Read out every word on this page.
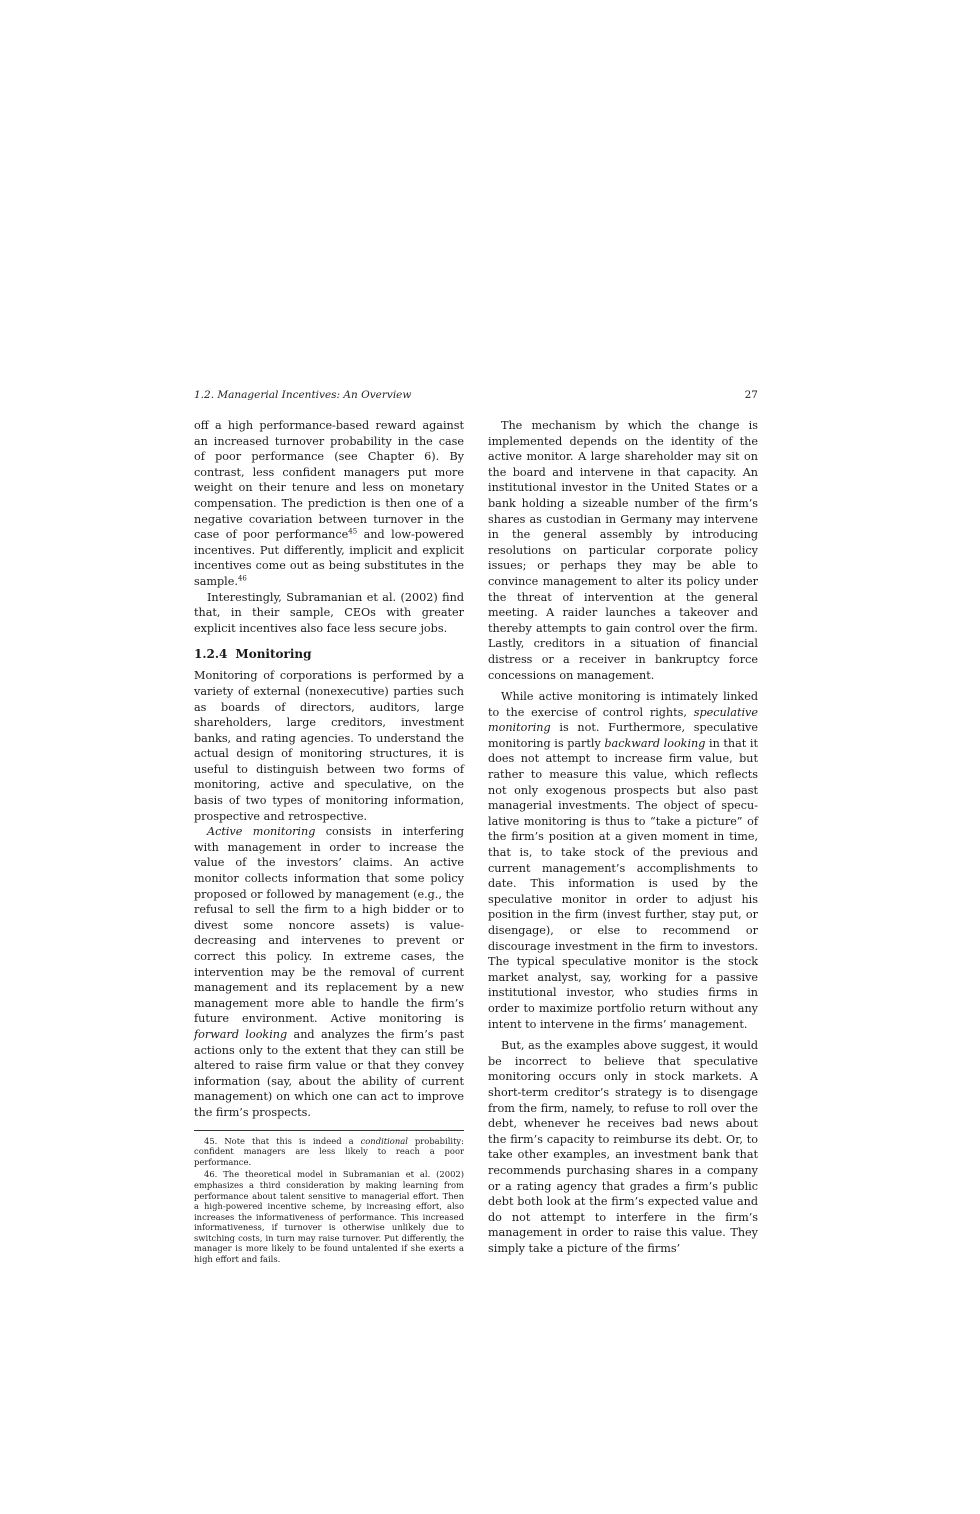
1.2. Managerial Incentives: An Overview	27

off a high performance-based reward against an increased turnover probability in the case of poor performance (see Chapter 6). By contrast, less confident managers put more weight on their tenure and less on monetary compensation. The prediction is then one of a negative covariation between turnover in the case of poor performance$^{45}$ and low-powered incentives. Put differently, implicit and explicit incentives come out as being substitutes in the sample.$^{46}$

Interestingly, Subramanian et al. (2002) find that, in their sample, CEOs with greater explicit incentives also face less secure jobs.

1.2.4 Monitoring

Monitoring of corporations is performed by a variety of external (nonexecutive) parties such as boards of directors, auditors, large shareholders, large creditors, investment banks, and rating agencies. To understand the actual design of monitoring structures, it is useful to distinguish between two forms of monitoring, active and speculative, on the basis of two types of monitoring information, prospective and retrospective.

Active monitoring consists in interfering with management in order to increase the value of the investors’ claims. An active monitor collects information that some policy proposed or followed by management (e.g., the refusal to sell the firm to a high bidder or to divest some noncore assets) is value-decreasing and intervenes to prevent or correct this policy. In extreme cases, the intervention may be the removal of current management and its replacement by a new management more able to handle the firm’s future environment. Active monitoring is forward looking and analyzes the firm’s past actions only to the extent that they can still be altered to raise firm value or that they convey information (say, about the ability of current management) on which one can act to improve the firm’s prospects.

45. Note that this is indeed a conditional probability: confident managers are less likely to reach a poor performance.

46. The theoretical model in Subramanian et al. (2002) emphasizes a third consideration by making learning from performance about talent sensitive to managerial effort. Then a high-powered incentive scheme, by increasing effort, also increases the informativeness of performance. This increased informativeness, if turnover is otherwise unlikely due to switching costs, in turn may raise turnover. Put differently, the manager is more likely to be found untalented if she exerts a high effort and fails.

The mechanism by which the change is implemented depends on the identity of the active monitor. A large shareholder may sit on the board and intervene in that capacity. An institutional investor in the United States or a bank holding a sizeable number of the firm’s shares as custodian in Germany may intervene in the general assembly by introducing resolutions on particular corporate policy issues; or perhaps they may be able to convince management to alter its policy under the threat of intervention at the general meeting. A raider launches a takeover and thereby attempts to gain control over the firm. Lastly, creditors in a situation of financial distress or a receiver in bankruptcy force concessions on management.

While active monitoring is intimately linked to the exercise of control rights, speculative monitoring is not. Furthermore, speculative monitoring is partly backward looking in that it does not attempt to increase firm value, but rather to measure this value, which reflects not only exogenous prospects but also past managerial investments. The object of speculative monitoring is thus to “take a picture” of the firm’s position at a given moment in time, that is, to take stock of the previous and current management’s accomplishments to date. This information is used by the speculative monitor in order to adjust his position in the firm (invest further, stay put, or disengage), or else to recommend or discourage investment in the firm to investors. The typical speculative monitor is the stock market analyst, say, working for a passive institutional investor, who studies firms in order to maximize portfolio return without any intent to intervene in the firms’ management.

But, as the examples above suggest, it would be incorrect to believe that speculative monitoring occurs only in stock markets. A short-term creditor’s strategy is to disengage from the firm, namely, to refuse to roll over the debt, whenever he receives bad news about the firm’s capacity to reimburse its debt. Or, to take other examples, an investment bank that recommends purchasing shares in a company or a rating agency that grades a firm’s public debt both look at the firm’s expected value and do not attempt to interfere in the firm’s management in order to raise this value. They simply take a picture of the firms’
